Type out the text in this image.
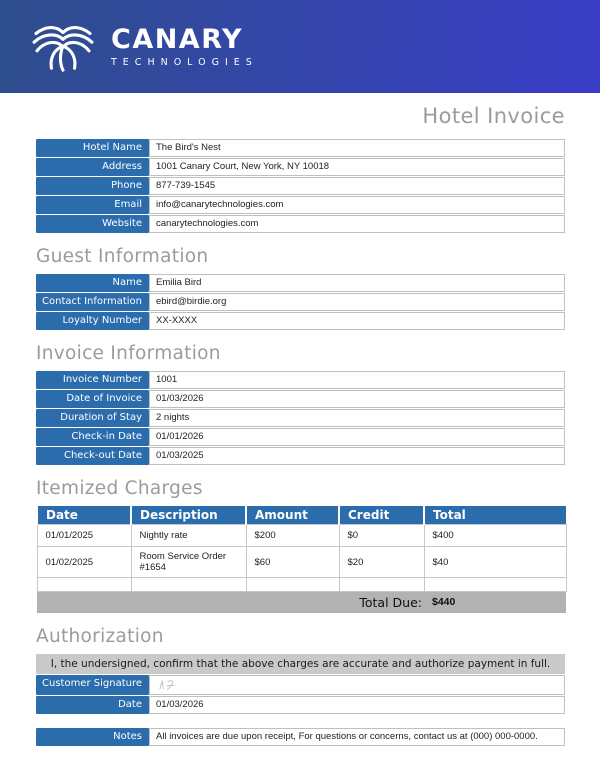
CANARY
TECHNOLOGIES
Hotel Invoice
Hotel Name	The Bird's Nest
Address	1001 Canary Court, New York, NY 10018
Phone	877-739-1545
Email	info@canarytechnologies.com
Website	canarytechnologies.com
Guest Information
Name	Emilia Bird
Contact Information	ebird@birdie.org
Loyalty Number	XX-XXXX
Invoice Information
Invoice Number	1001
Date of Invoice	01/03/2026
Duration of Stay	2 nights
Check-in Date	01/01/2026
Check-out Date	01/03/2025
Itemized Charges
Date	Description	Amount	Credit	Total
01/01/2025	Nightly rate	$200	$0	$400
01/02/2025	Room Service Order #1654	$60	$20	$40

			Total Due:	$440
Authorization
I, the undersigned, confirm that the above charges are accurate and authorize payment in full.
Customer Signature
Date	01/03/2026
Notes	All invoices are due upon receipt, For questions or concerns, contact us at (000) 000-0000.
